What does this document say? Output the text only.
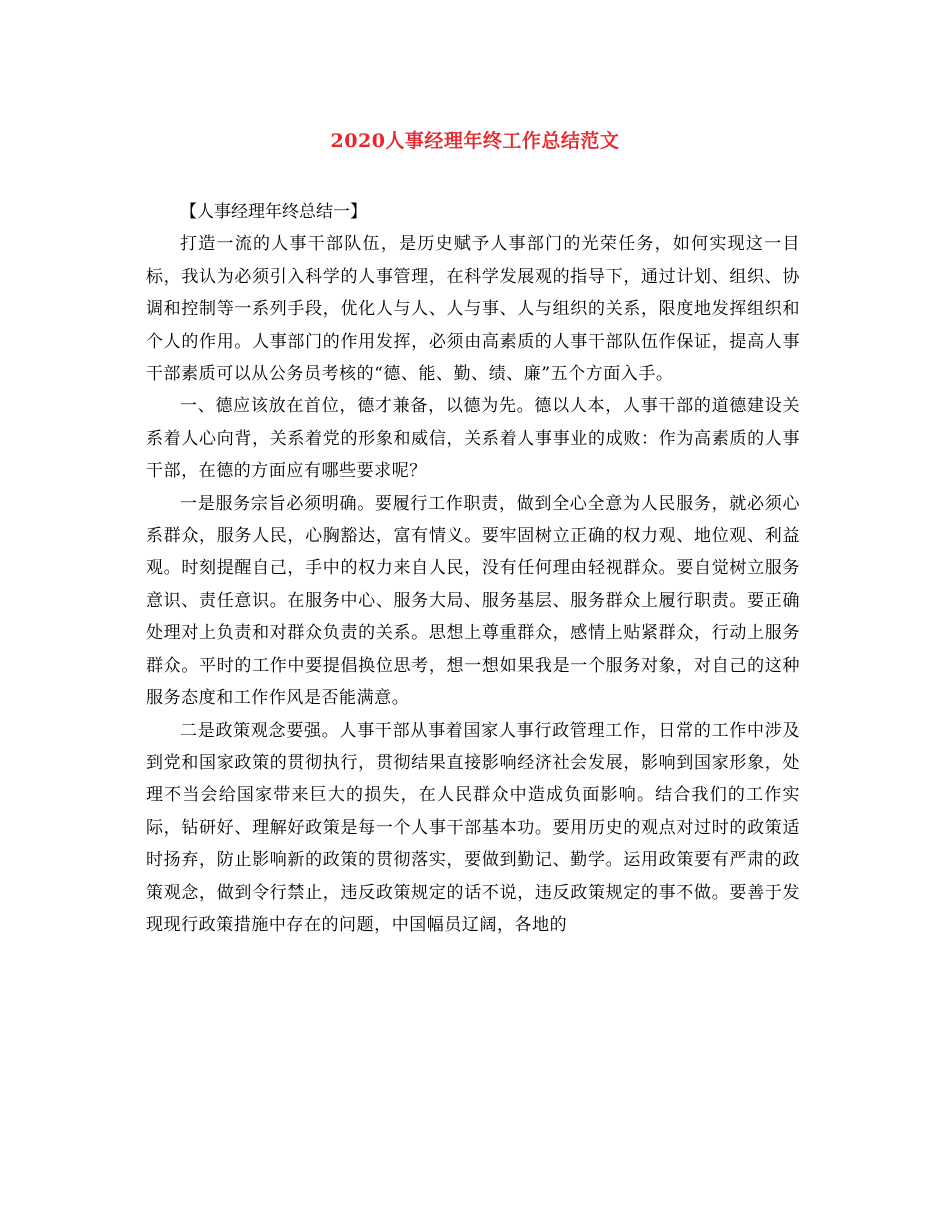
2020人事经理年终工作总结范文

【人事经理年终总结一】

打造一流的人事干部队伍，是历史赋予人事部门的光荣任务，如何实现这一目标，我认为必须引入科学的人事管理，在科学发展观的指导下，通过计划、组织、协调和控制等一系列手段，优化人与人、人与事、人与组织的关系，限度地发挥组织和个人的作用。人事部门的作用发挥，必须由高素质的人事干部队伍作保证，提高人事干部素质可以从公务员考核的“德、能、勤、绩、廉”五个方面入手。

一、德应该放在首位，德才兼备，以德为先。德以人本，人事干部的道德建设关系着人心向背，关系着党的形象和威信，关系着人事事业的成败：作为高素质的人事干部，在德的方面应有哪些要求呢？

一是服务宗旨必须明确。要履行工作职责，做到全心全意为人民服务，就必须心系群众，服务人民，心胸豁达，富有情义。要牢固树立正确的权力观、地位观、利益观。时刻提醒自己，手中的权力来自人民，没有任何理由轻视群众。要自觉树立服务意识、责任意识。在服务中心、服务大局、服务基层、服务群众上履行职责。要正确处理对上负责和对群众负责的关系。思想上尊重群众，感情上贴紧群众，行动上服务群众。平时的工作中要提倡换位思考，想一想如果我是一个服务对象，对自己的这种服务态度和工作作风是否能满意。

二是政策观念要强。人事干部从事着国家人事行政管理工作，日常的工作中涉及到党和国家政策的贯彻执行，贯彻结果直接影响经济社会发展，影响到国家形象，处理不当会给国家带来巨大的损失，在人民群众中造成负面影响。结合我们的工作实际，钻研好、理解好政策是每一个人事干部基本功。要用历史的观点对过时的政策适时扬弃，防止影响新的政策的贯彻落实，要做到勤记、勤学。运用政策要有严肃的政策观念，做到令行禁止，违反政策规定的话不说，违反政策规定的事不做。要善于发现现行政策措施中存在的问题，中国幅员辽阔，各地的
